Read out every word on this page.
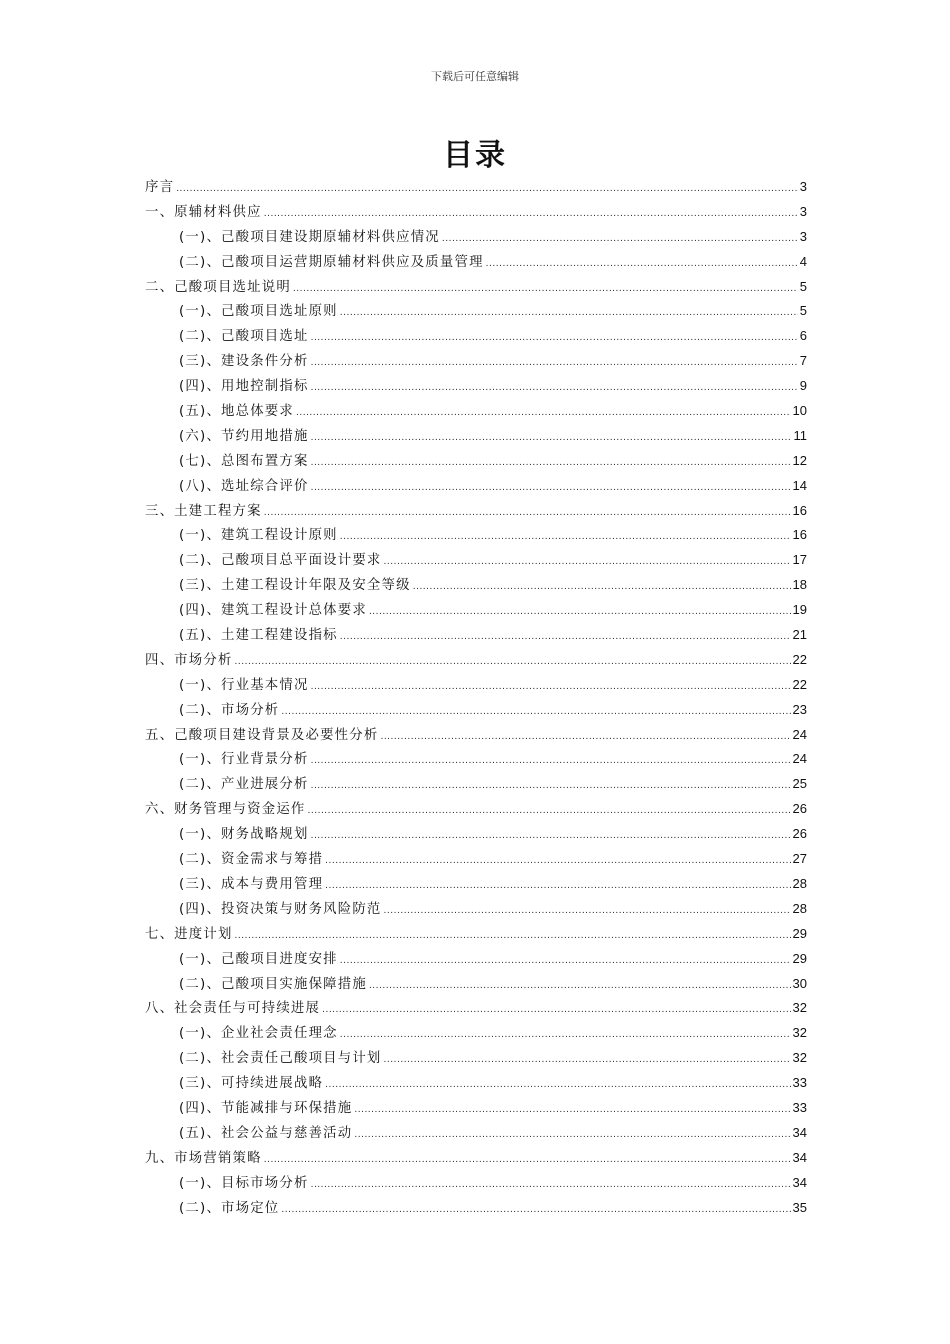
下载后可任意编辑
目录
序言 .....	3
一、原辅材料供应 .....	3
(一)、己酸项目建设期原辅材料供应情况 .....	3
(二)、己酸项目运营期原辅材料供应及质量管理 .....	4
二、己酸项目选址说明 .....	5
(一)、己酸项目选址原则 .....	5
(二)、己酸项目选址 .....	6
(三)、建设条件分析 .....	7
(四)、用地控制指标 .....	9
(五)、地总体要求 .....	10
(六)、节约用地措施 .....	11
(七)、总图布置方案 .....	12
(八)、选址综合评价 .....	14
三、土建工程方案 .....	16
(一)、建筑工程设计原则 .....	16
(二)、己酸项目总平面设计要求 .....	17
(三)、土建工程设计年限及安全等级 .....	18
(四)、建筑工程设计总体要求 .....	19
(五)、土建工程建设指标 .....	21
四、市场分析 .....	22
(一)、行业基本情况 .....	22
(二)、市场分析 .....	23
五、己酸项目建设背景及必要性分析 .....	24
(一)、行业背景分析 .....	24
(二)、产业进展分析 .....	25
六、财务管理与资金运作 .....	26
(一)、财务战略规划 .....	26
(二)、资金需求与筹措 .....	27
(三)、成本与费用管理 .....	28
(四)、投资决策与财务风险防范 .....	28
七、进度计划 .....	29
(一)、己酸项目进度安排 .....	29
(二)、己酸项目实施保障措施 .....	30
八、社会责任与可持续进展 .....	32
(一)、企业社会责任理念 .....	32
(二)、社会责任己酸项目与计划 .....	32
(三)、可持续进展战略 .....	33
(四)、节能减排与环保措施 .....	33
(五)、社会公益与慈善活动 .....	34
九、市场营销策略 .....	34
(一)、目标市场分析 .....	34
(二)、市场定位 .....	35
